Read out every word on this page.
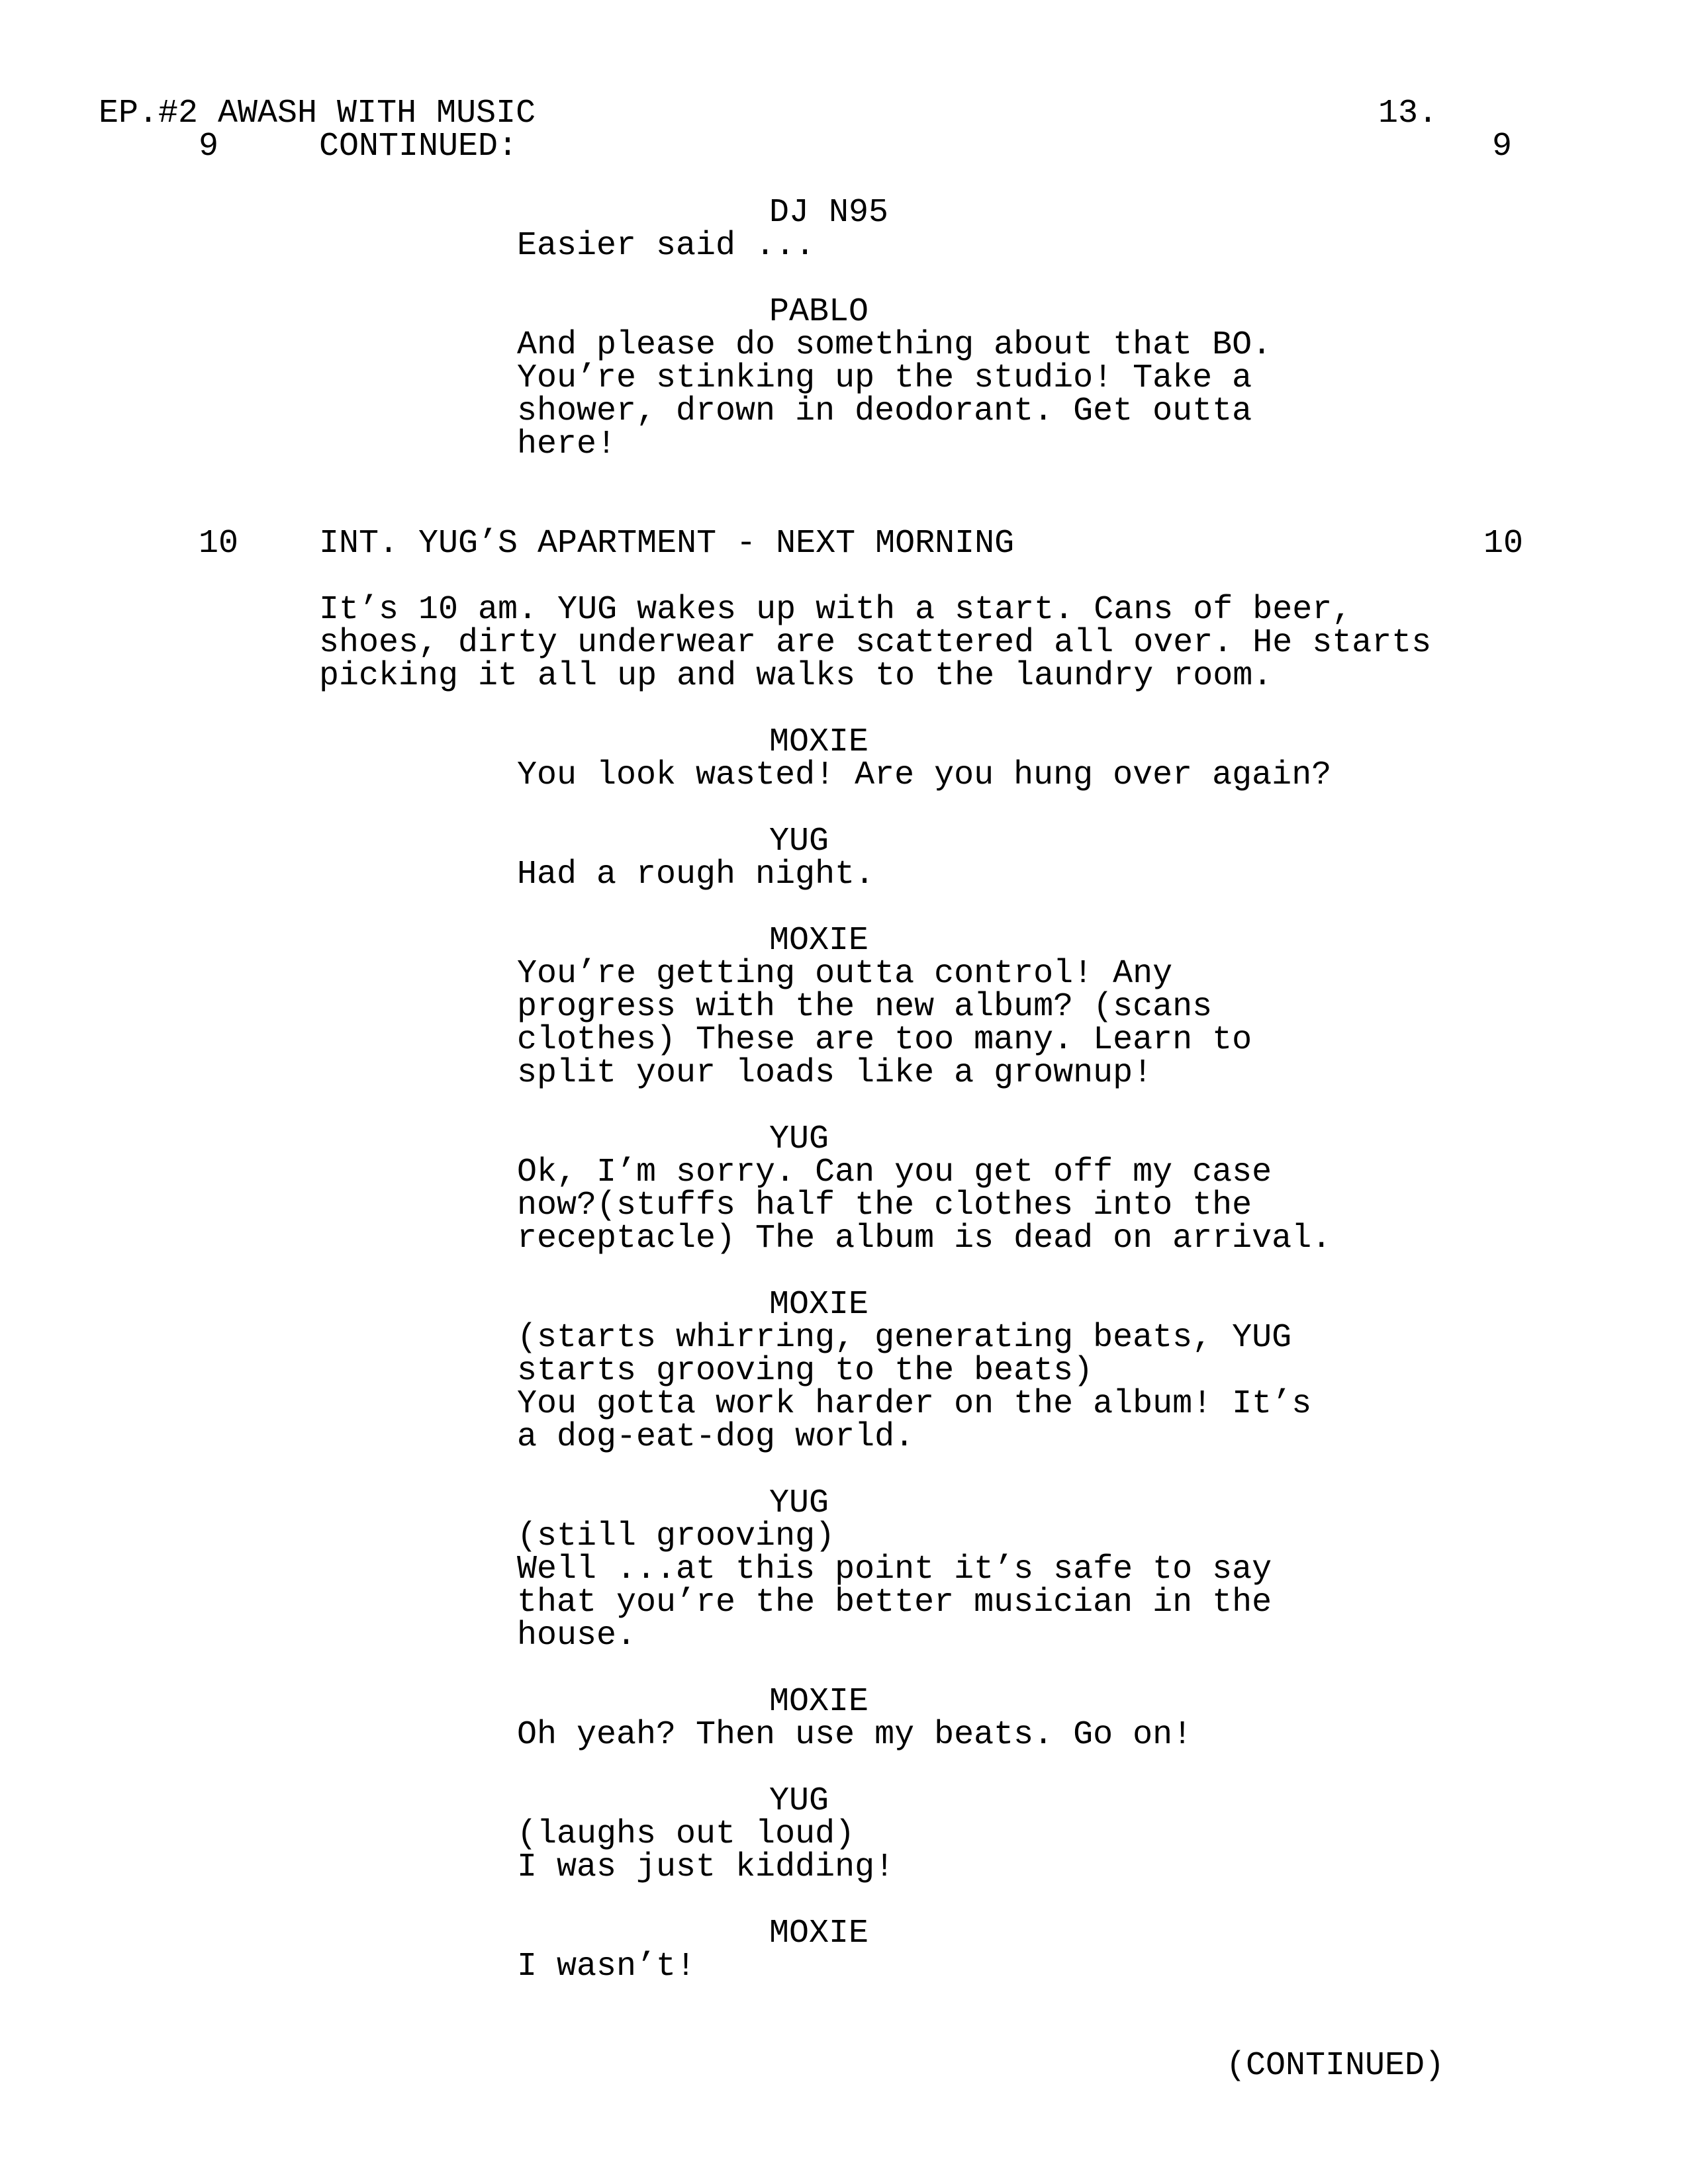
EP.#2 AWASH WITH MUSIC	13.
9	CONTINUED:	9
DJ N95
Easier said ...
PABLO
And please do something about that BO.
You’re stinking up the studio! Take a
shower, drown in deodorant. Get outta
here!
10 INT. YUG’S APARTMENT - NEXT MORNING	10
It’s 10 am. YUG wakes up with a start. Cans of beer,
shoes, dirty underwear are scattered all over. He starts
picking it all up and walks to the laundry room.
MOXIE
You look wasted! Are you hung over again?
YUG
Had a rough night.
MOXIE
You’re getting outta control! Any
progress with the new album? (scans
clothes) These are too many. Learn to
split your loads like a grownup!
YUG
Ok, I’m sorry. Can you get off my case
now?(stuffs half the clothes into the
receptacle) The album is dead on arrival.
MOXIE
(starts whirring, generating beats, YUG
starts grooving to the beats)
You gotta work harder on the album! It’s
a dog-eat-dog world.
YUG
(still grooving)
Well ...at this point it’s safe to say
that you’re the better musician in the
house.
MOXIE
Oh yeah? Then use my beats. Go on!
YUG
(laughs out loud)
I was just kidding!
MOXIE
I wasn’t!
(CONTINUED)
